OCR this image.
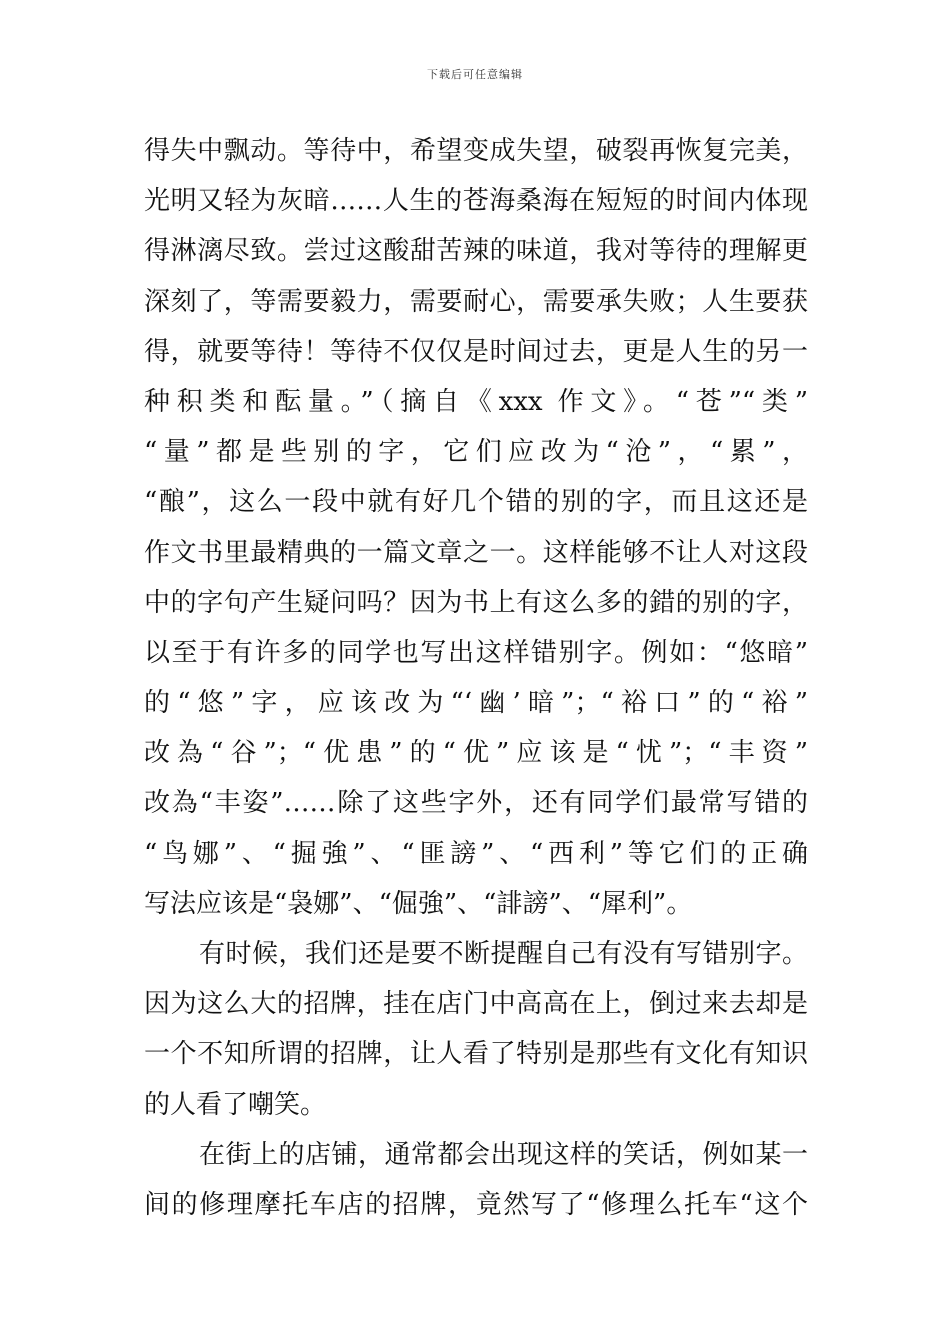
下载后可任意编辑
得失中飘动。等待中，希望变成失望，破裂再恢复完美，
光明又轻为灰暗……人生的苍海桑海在短短的时间内体现
得淋漓尽致。尝过这酸甜苦辣的味道，我对等待的理解更
深刻了，等需要毅力，需要耐心，需要承失败；人生要获
得，就要等待！等待不仅仅是时间过去，更是人生的另一
种积类和酝量。”（摘自《xxx 作文》。“苍”“类”
“量”都是些别的字，它们应改为“沧”，“累”，
“酿”，这么一段中就有好几个错的别的字，而且这还是
作文书里最精典的一篇文章之一。这样能够不让人对这段
中的字句产生疑问吗？因为书上有这么多的錯的别的字，
以至于有许多的同学也写出这样错别字。例如：“悠暗”
的“悠”字，应该改为“‘幽’暗”；“裕口”的“裕”
改為“谷”；“优患”的“优”应该是“忧”；“丰资”
改為“丰姿”……除了这些字外，还有同学们最常写错的
“鸟娜”、“掘強”、“匪謗”、“西利”等它们的正确
写法应该是“袅娜”、“倔強”、“誹謗”、“犀利”。
有时候，我们还是要不断提醒自己有没有写错别字。
因为这么大的招牌，挂在店门中高高在上，倒过来去却是
一个不知所谓的招牌，让人看了特别是那些有文化有知识
的人看了嘲笑。
在街上的店铺，通常都会出现这样的笑话，例如某一
间的修理摩托车店的招牌，竟然写了“修理么托车“这个
